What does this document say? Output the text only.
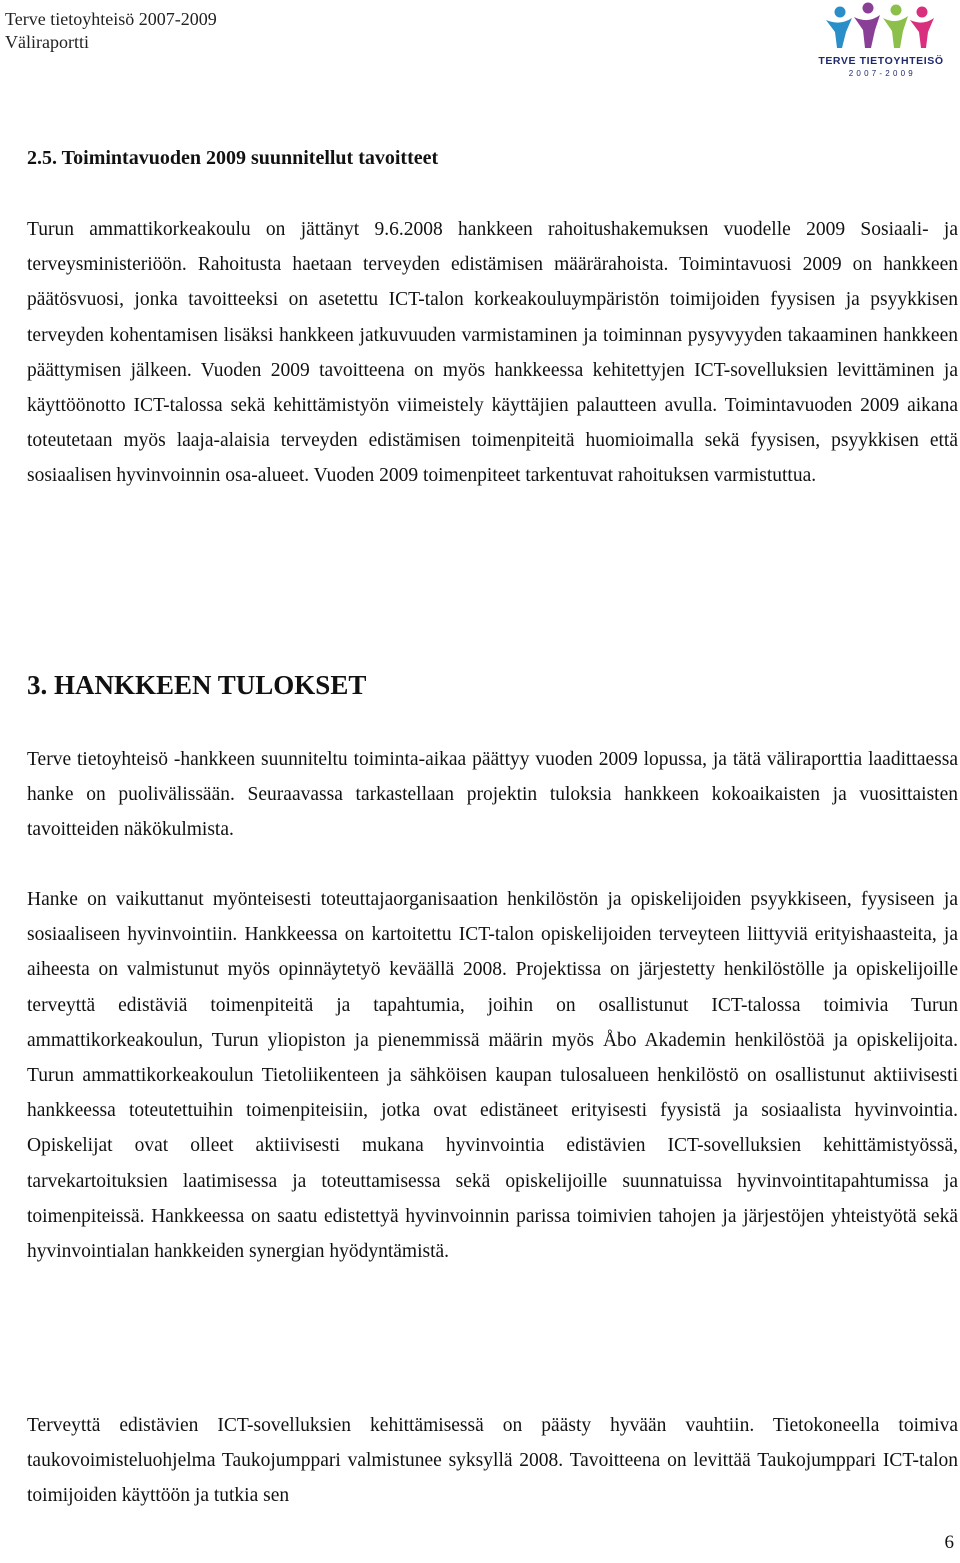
Terve tietoyhteisö 2007-2009
Väliraportti
TERVE TIETOYHTEISÖ
2 0 0 7 - 2 0 0 9
2.5. Toimintavuoden 2009 suunnitellut tavoitteet

Turun ammattikorkeakoulu on jättänyt 9.6.2008 hankkeen rahoitushakemuksen vuodelle 2009 Sosiaali- ja terveysministeriöön. Rahoitusta haetaan terveyden edistämisen määrärahoista. Toimintavuosi 2009 on hankkeen päätösvuosi, jonka tavoitteeksi on asetettu ICT-talon korkeakouluympäristön toimijoiden fyysisen ja psyykkisen terveyden kohentamisen lisäksi hankkeen jatkuvuuden varmistaminen ja toiminnan pysyvyyden takaaminen hankkeen päättymisen jälkeen. Vuoden 2009 tavoitteena on myös hankkeessa kehitettyjen ICT-sovelluksien levittäminen ja käyttöönotto ICT-talossa sekä kehittämistyön viimeistely käyttäjien palautteen avulla. Toimintavuoden 2009 aikana toteutetaan myös laaja-alaisia terveyden edistämisen toimenpiteitä huomioimalla sekä fyysisen, psyykkisen että sosiaalisen hyvinvoinnin osa-alueet. Vuoden 2009 toimenpiteet tarkentuvat rahoituksen varmistuttua.

3. HANKKEEN TULOKSET

Terve tietoyhteisö -hankkeen suunniteltu toiminta-aikaa päättyy vuoden 2009 lopussa, ja tätä väliraporttia laadittaessa hanke on puolivälissään. Seuraavassa tarkastellaan projektin tuloksia hankkeen kokoaikaisten ja vuosittaisten tavoitteiden näkökulmista.

Hanke on vaikuttanut myönteisesti toteuttajaorganisaation henkilöstön ja opiskelijoiden psyykkiseen, fyysiseen ja sosiaaliseen hyvinvointiin. Hankkeessa on kartoitettu ICT-talon opiskelijoiden terveyteen liittyviä erityishaasteita, ja aiheesta on valmistunut myös opinnäytetyö keväällä 2008. Projektissa on järjestetty henkilöstölle ja opiskelijoille terveyttä edistäviä toimenpiteitä ja tapahtumia, joihin on osallistunut ICT-talossa toimivia Turun ammattikorkeakoulun, Turun yliopiston ja pienemmissä määrin myös Åbo Akademin henkilöstöä ja opiskelijoita. Turun ammattikorkeakoulun Tietoliikenteen ja sähköisen kaupan tulosalueen henkilöstö on osallistunut aktiivisesti hankkeessa toteutettuihin toimenpiteisiin, jotka ovat edistäneet erityisesti fyysistä ja sosiaalista hyvinvointia. Opiskelijat ovat olleet aktiivisesti mukana hyvinvointia edistävien ICT-sovelluksien kehittämistyössä, tarvekartoituksien laatimisessa ja toteuttamisessa sekä opiskelijoille suunnatuissa hyvinvointitapahtumissa ja toimenpiteissä. Hankkeessa on saatu edistettyä hyvinvoinnin parissa toimivien tahojen ja järjestöjen yhteistyötä sekä hyvinvointialan hankkeiden synergian hyödyntämistä.

Terveyttä edistävien ICT-sovelluksien kehittämisessä on päästy hyvään vauhtiin. Tietokoneella toimiva taukovoimisteluohjelma Taukojumppari valmistunee syksyllä 2008. Tavoitteena on levittää Taukojumppari ICT-talon toimijoiden käyttöön ja tutkia sen

6
